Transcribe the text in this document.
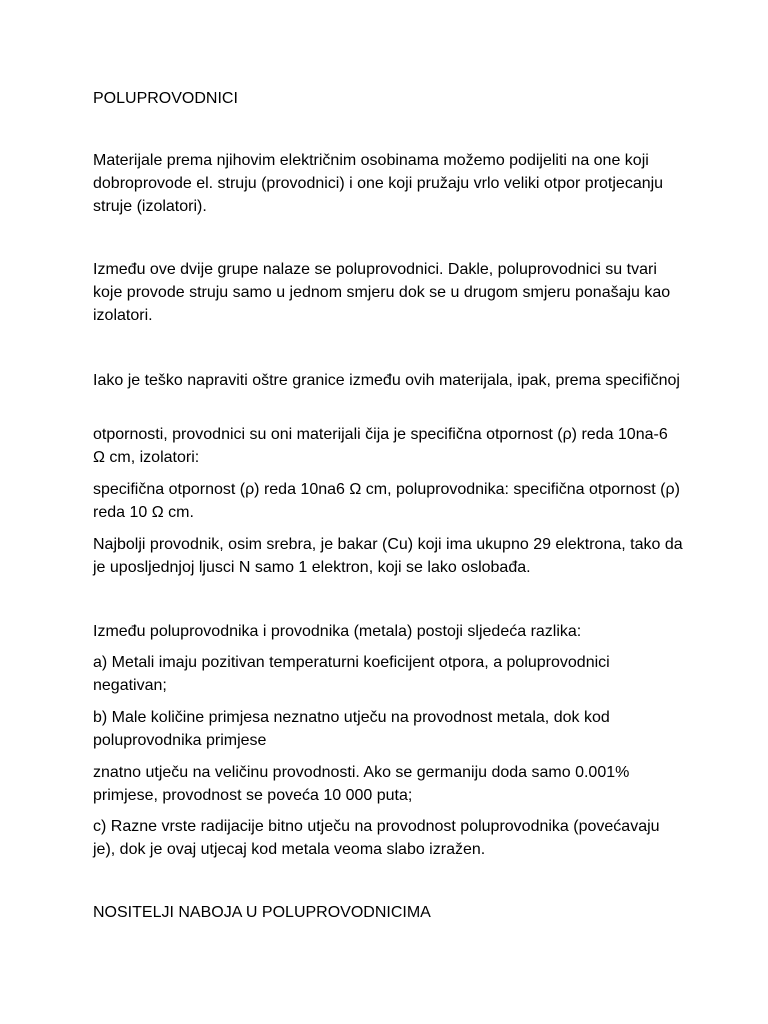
POLUPROVODNICI

Materijale prema njihovim električnim osobinama možemo podijeliti na one koji dobroprovode el. struju (provodnici) i one koji pružaju vrlo veliki otpor protjecanju struje (izolatori).

Između ove dvije grupe nalaze se poluprovodnici. Dakle, poluprovodnici su tvari koje provode struju samo u jednom smjeru dok se u drugom smjeru ponašaju kao izolatori.

Iako je teško napraviti oštre granice između ovih materijala, ipak, prema specifičnoj

otpornosti, provodnici su oni materijali čija je specifična otpornost (ρ) reda 10na-6 Ω cm, izolatori:

specifična otpornost (ρ) reda 10na6 Ω cm, poluprovodnika: specifična otpornost (ρ) reda 10 Ω cm.

Najbolji provodnik, osim srebra, je bakar (Cu) koji ima ukupno 29 elektrona, tako da je uposljednjoj ljusci N samo 1 elektron, koji se lako oslobađa.

Između poluprovodnika i provodnika (metala) postoji sljedeća razlika:

a) Metali imaju pozitivan temperaturni koeficijent otpora, a poluprovodnici negativan;

b) Male količine primjesa neznatno utječu na provodnost metala, dok kod poluprovodnika primjese

znatno utječu na veličinu provodnosti. Ako se germaniju doda samo 0.001% primjese, provodnost se poveća 10 000 puta;

c) Razne vrste radijacije bitno utječu na provodnost poluprovodnika (povećavaju je), dok je ovaj utjecaj kod metala veoma slabo izražen.

NOSITELJI NABOJA U POLUPROVODNICIMA
